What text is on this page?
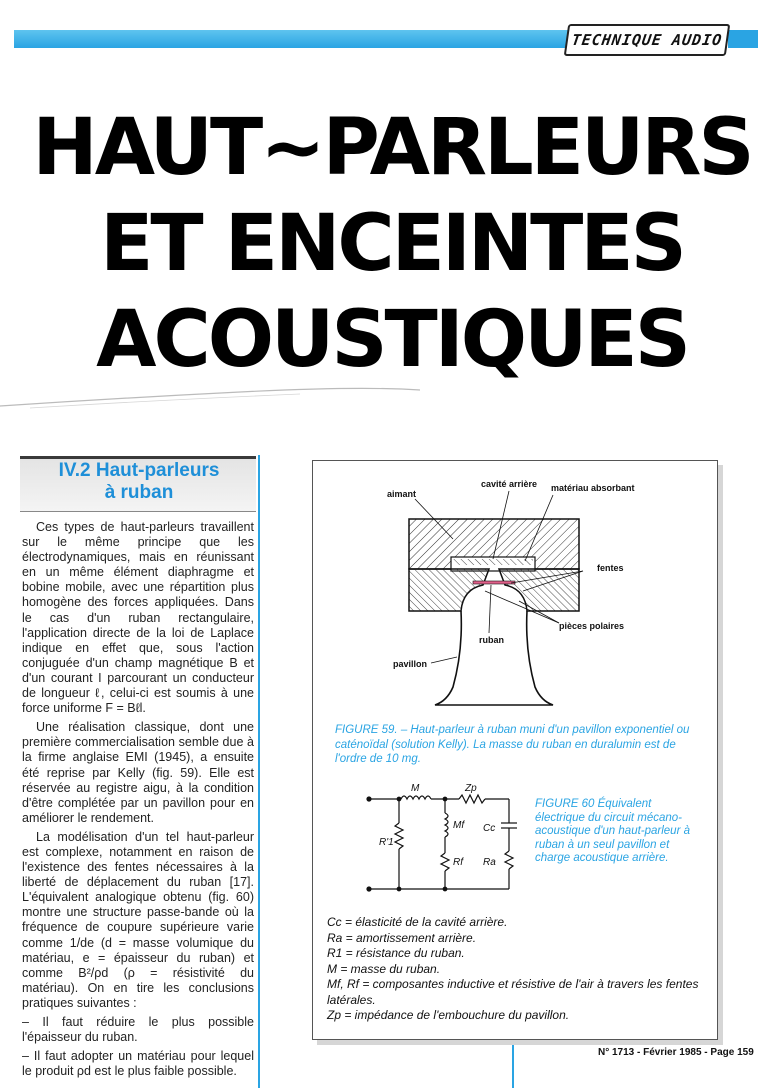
TECHNIQUE AUDIO
HAUT~PARLEURS
ET ENCEINTES
ACOUSTIQUES
IV.2 Haut-parleurs
à ruban

Ces types de haut-parleurs travaillent sur le même principe que les électrodynamiques, mais en réunissant en un même élément diaphragme et bobine mobile, avec une répartition plus homogène des forces appliquées. Dans le cas d'un ruban rectangulaire, l'application directe de la loi de Laplace indique en effet que, sous l'action conjuguée d'un champ magnétique B et d'un courant I parcourant un conducteur de longueur ℓ, celui-ci est soumis à une force uniforme F = Bℓl.

Une réalisation classique, dont une première commercialisation semble due à la firme anglaise EMI (1945), a ensuite été reprise par Kelly (fig. 59). Elle est réservée au registre aigu, à la condition d'être complétée par un pavillon pour en améliorer le rendement.

La modélisation d'un tel haut-parleur est complexe, notamment en raison de l'existence des fentes nécessaires à la liberté de déplacement du ruban [17]. L'équivalent analogique obtenu (fig. 60) montre une structure passe-bande où la fréquence de coupure supérieure varie comme 1/de (d = masse volumique du matériau, e = épaisseur du ruban) et comme B²/ρd (ρ = résistivité du matériau). On en tire les conclusions pratiques suivantes :

– Il faut réduire le plus possible l'épaisseur du ruban.

– Il faut adopter un matériau pour lequel le produit ρd est le plus faible possible.

cavité arrière matériau absorbant
aimant
fentes
pièces polaires
ruban
pavillon
M	Zp
Mf Cc
R'1
Rf Ra

FIGURE 59. – Haut-parleur à ruban muni d'un pavillon exponentiel ou caténoïdal (solution Kelly). La masse du ruban en duralumin est de l'ordre de 10 mg.

FIGURE 60 Équivalent électrique du circuit mécano-acoustique d'un haut-parleur à ruban à un seul pavillon et charge acoustique arrière.

Cc = élasticité de la cavité arrière.
Ra = amortissement arrière.
R1 = résistance du ruban.
M = masse du ruban.
Mf, Rf = composantes inductive et résistive de l'air à travers les fentes latérales.
Zp = impédance de l'embouchure du pavillon.

N° 1713 - Février 1985 - Page 159
